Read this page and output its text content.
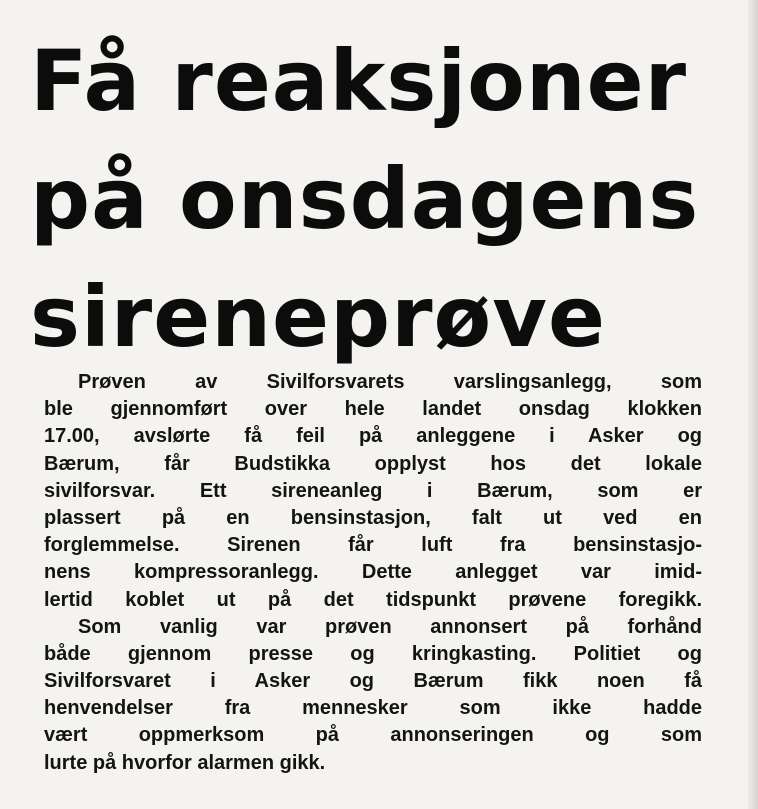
Få reaksjoner
på onsdagens
sireneprøve
Prøven av Sivilforsvarets varslingsanlegg, som
ble gjennomført over hele landet onsdag klokken
17.00, avslørte få feil på anleggene i Asker og
Bærum, får Budstikka opplyst hos det lokale
sivilforsvar. Ett sireneanleg i Bærum, som er
plassert på en bensinstasjon, falt ut ved en
forglemmelse. Sirenen får luft fra bensinstasjo-
nens kompressoranlegg. Dette anlegget var imid-
lertid koblet ut på det tidspunkt prøvene foregikk.
Som vanlig var prøven annonsert på forhånd
både gjennom presse og kringkasting. Politiet og
Sivilforsvaret i Asker og Bærum fikk noen få
henvendelser fra mennesker som ikke hadde
vært oppmerksom på annonseringen og som
lurte på hvorfor alarmen gikk.
